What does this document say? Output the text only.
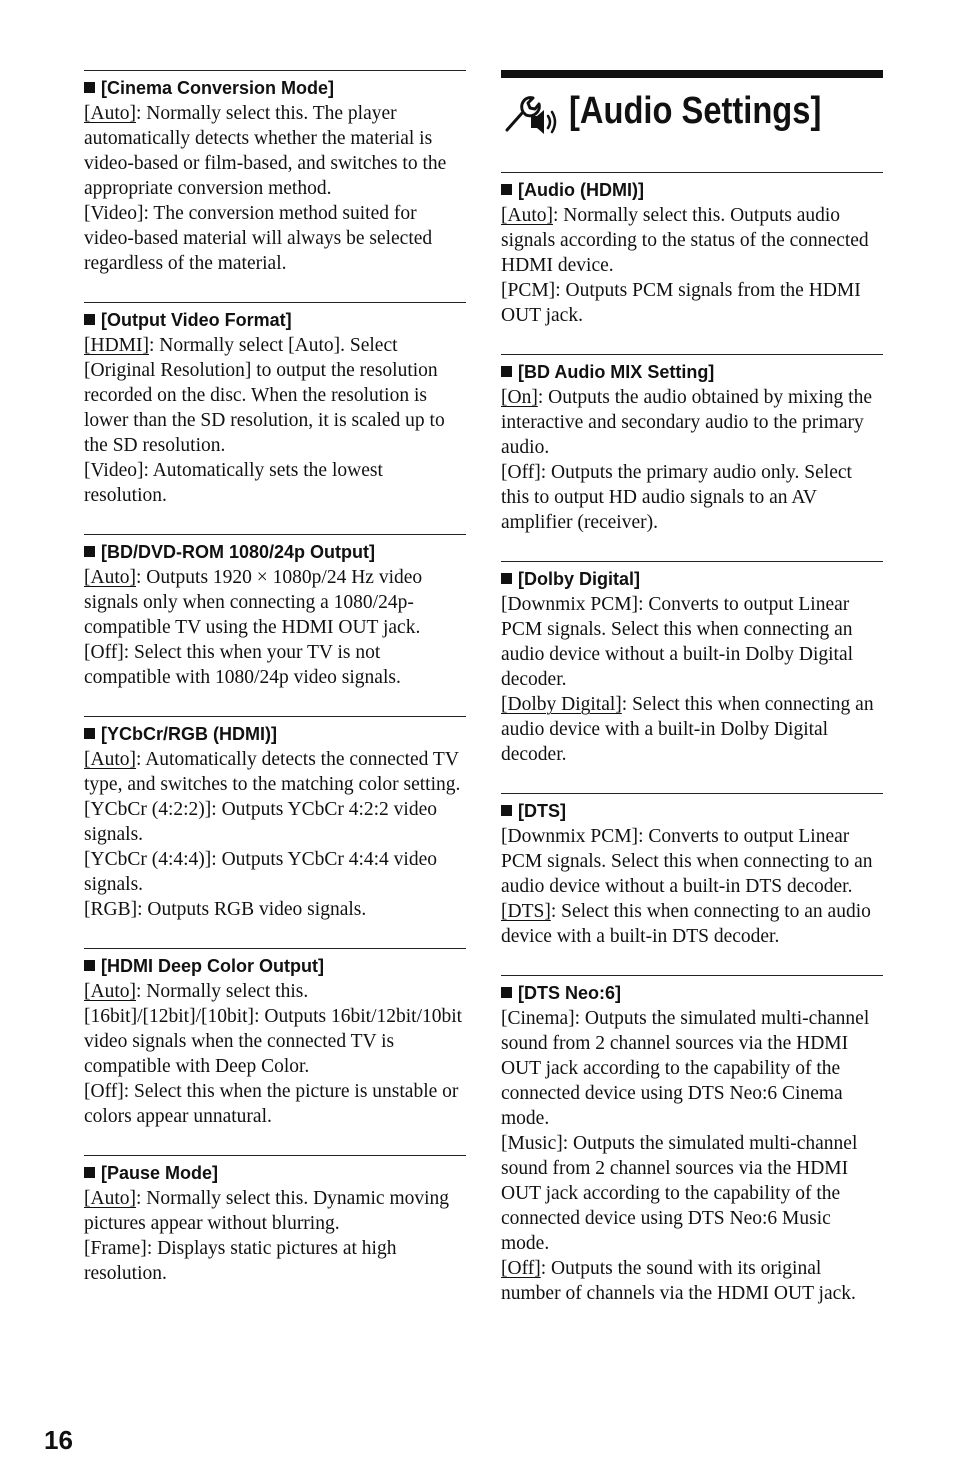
[Cinema Conversion Mode]

[Auto]: Normally select this. The player automatically detects whether the material is video-based or film-based, and switches to the appropriate conversion method.

[Video]: The conversion method suited for video-based material will always be selected regardless of the material.

[Output Video Format]

[HDMI]: Normally select [Auto]. Select [Original Resolution] to output the resolution recorded on the disc. When the resolution is lower than the SD resolution, it is scaled up to the SD resolution.

[Video]: Automatically sets the lowest resolution.

[BD/DVD-ROM 1080/24p Output]

[Auto]: Outputs 1920 × 1080p/24 Hz video signals only when connecting a 1080/24p-compatible TV using the HDMI OUT jack.

[Off]: Select this when your TV is not compatible with 1080/24p video signals.

[YCbCr/RGB (HDMI)]

[Auto]: Automatically detects the connected TV type, and switches to the matching color setting.

[YCbCr (4:2:2)]: Outputs YCbCr 4:2:2 video signals.

[YCbCr (4:4:4)]: Outputs YCbCr 4:4:4 video signals.

[RGB]: Outputs RGB video signals.

[HDMI Deep Color Output]

[Auto]: Normally select this.

[16bit]/[12bit]/[10bit]: Outputs 16bit/12bit/10bit video signals when the connected TV is compatible with Deep Color.

[Off]: Select this when the picture is unstable or colors appear unnatural.

[Pause Mode]

[Auto]: Normally select this. Dynamic moving pictures appear without blurring.

[Frame]: Displays static pictures at high resolution.

[Audio Settings]
[Audio (HDMI)]

[Auto]: Normally select this. Outputs audio signals according to the status of the connected HDMI device.

[PCM]: Outputs PCM signals from the HDMI OUT jack.

[BD Audio MIX Setting]

[On]: Outputs the audio obtained by mixing the interactive and secondary audio to the primary audio.

[Off]: Outputs the primary audio only. Select this to output HD audio signals to an AV amplifier (receiver).

[Dolby Digital]

[Downmix PCM]: Converts to output Linear PCM signals. Select this when connecting an audio device without a built-in Dolby Digital decoder.

[Dolby Digital]: Select this when connecting an audio device with a built-in Dolby Digital decoder.

[DTS]

[Downmix PCM]: Converts to output Linear PCM signals. Select this when connecting to an audio device without a built-in DTS decoder.

[DTS]: Select this when connecting to an audio device with a built-in DTS decoder.

[DTS Neo:6]

[Cinema]: Outputs the simulated multi-channel sound from 2 channel sources via the HDMI OUT jack according to the capability of the connected device using DTS Neo:6 Cinema mode.

[Music]: Outputs the simulated multi-channel sound from 2 channel sources via the HDMI OUT jack according to the capability of the connected device using DTS Neo:6 Music mode.

[Off]: Outputs the sound with its original number of channels via the HDMI OUT jack.

16
